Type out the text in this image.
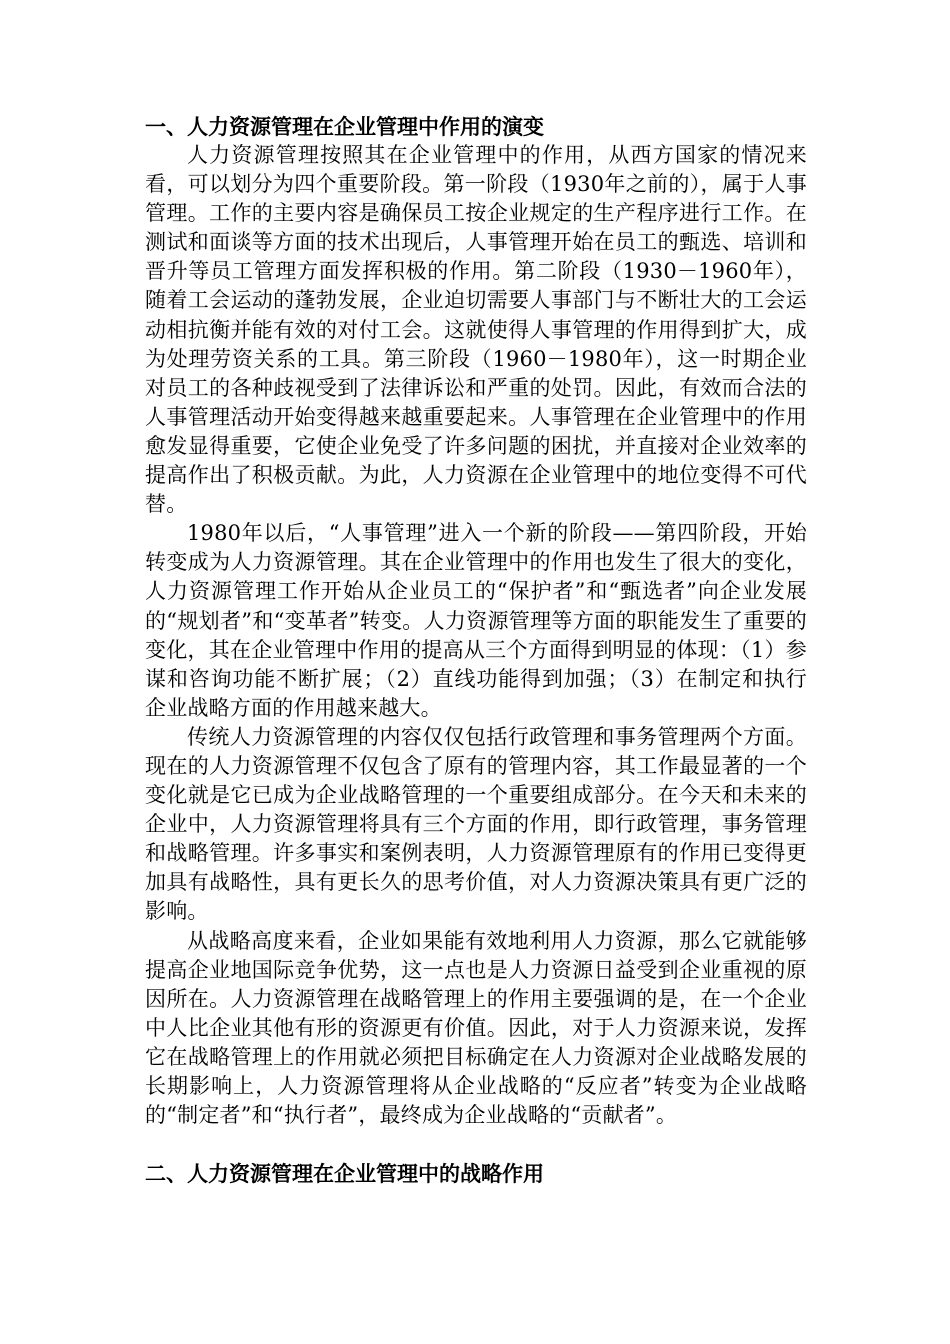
一、人力资源管理在企业管理中作用的演变

人力资源管理按照其在企业管理中的作用，从西方国家的情况来看，可以划分为四个重要阶段。第一阶段（1930年之前的），属于人事管理。工作的主要内容是确保员工按企业规定的生产程序进行工作。在测试和面谈等方面的技术出现后，人事管理开始在员工的甄选、培训和晋升等员工管理方面发挥积极的作用。第二阶段（1930－1960年），随着工会运动的蓬勃发展，企业迫切需要人事部门与不断壮大的工会运动相抗衡并能有效的对付工会。这就使得人事管理的作用得到扩大，成为处理劳资关系的工具。第三阶段（1960－1980年），这一时期企业对员工的各种歧视受到了法律诉讼和严重的处罚。因此，有效而合法的人事管理活动开始变得越来越重要起来。人事管理在企业管理中的作用愈发显得重要，它使企业免受了许多问题的困扰，并直接对企业效率的提高作出了积极贡献。为此，人力资源在企业管理中的地位变得不可代替。

1980年以后，“人事管理”进入一个新的阶段——第四阶段，开始转变成为人力资源管理。其在企业管理中的作用也发生了很大的变化，人力资源管理工作开始从企业员工的“保护者”和“甄选者”向企业发展的“规划者”和“变革者”转变。人力资源管理等方面的职能发生了重要的变化，其在企业管理中作用的提高从三个方面得到明显的体现：（1）参谋和咨询功能不断扩展；（2）直线功能得到加强；（3）在制定和执行企业战略方面的作用越来越大。

传统人力资源管理的内容仅仅包括行政管理和事务管理两个方面。现在的人力资源管理不仅包含了原有的管理内容，其工作最显著的一个变化就是它已成为企业战略管理的一个重要组成部分。在今天和未来的企业中，人力资源管理将具有三个方面的作用，即行政管理，事务管理和战略管理。许多事实和案例表明，人力资源管理原有的作用已变得更加具有战略性，具有更长久的思考价值，对人力资源决策具有更广泛的影响。

从战略高度来看，企业如果能有效地利用人力资源，那么它就能够提高企业地国际竞争优势，这一点也是人力资源日益受到企业重视的原因所在。人力资源管理在战略管理上的作用主要强调的是，在一个企业中人比企业其他有形的资源更有价值。因此，对于人力资源来说，发挥它在战略管理上的作用就必须把目标确定在人力资源对企业战略发展的长期影响上，人力资源管理将从企业战略的“反应者”转变为企业战略的“制定者”和“执行者”，最终成为企业战略的“贡献者”。

二、人力资源管理在企业管理中的战略作用
